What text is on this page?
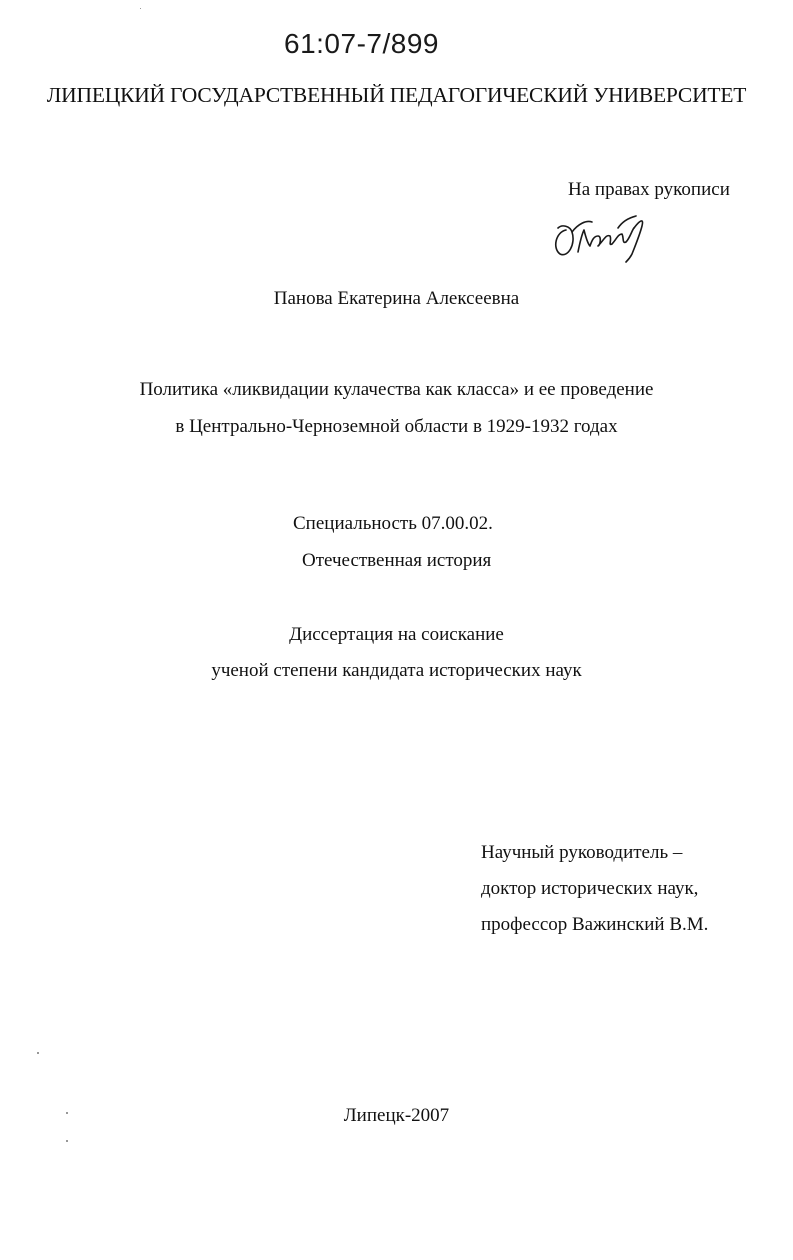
61:07-7/899
ЛИПЕЦКИЙ ГОСУДАРСТВЕННЫЙ ПЕДАГОГИЧЕСКИЙ УНИВЕРСИТЕТ
На правах рукописи
Панова Екатерина Алексеевна
Политика «ликвидации кулачества как класса» и ее проведение
в Центрально-Черноземной области в 1929-1932 годах
Специальность 07.00.02.
Отечественная история
Диссертация на соискание
ученой степени кандидата исторических наук
Научный руководитель –
доктор исторических наук,
профессор Важинский В.М.
Липецк-2007
